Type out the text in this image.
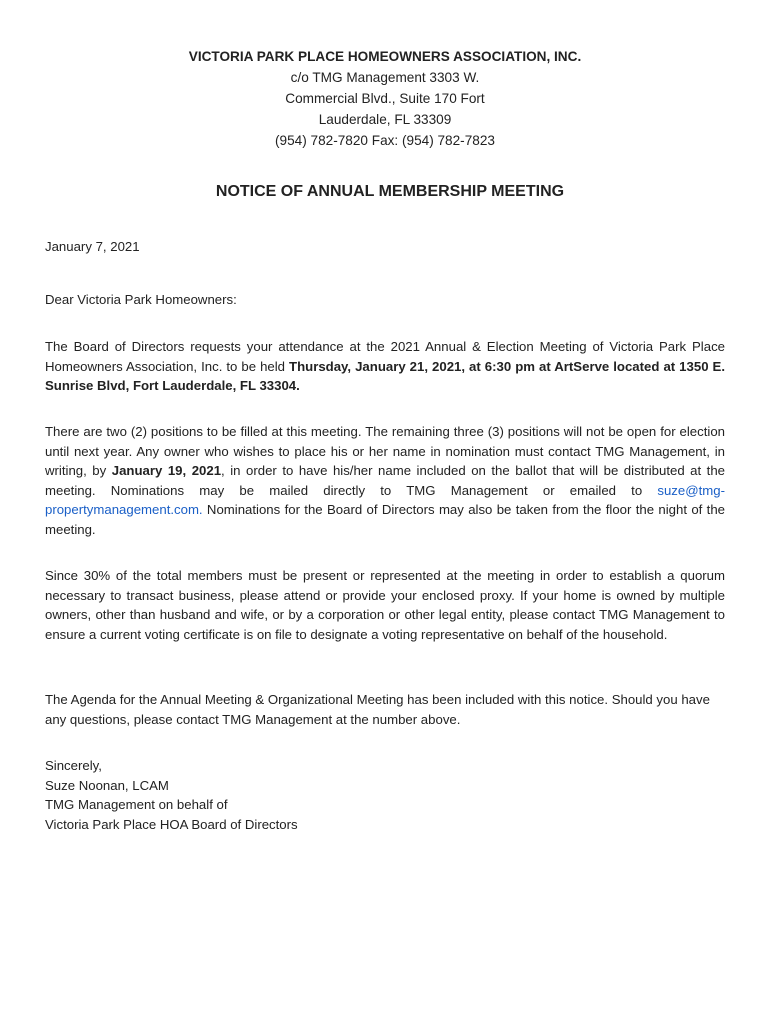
VICTORIA PARK PLACE HOMEOWNERS ASSOCIATION, INC.
c/o TMG Management 3303 W.
Commercial Blvd., Suite 170 Fort
Lauderdale, FL 33309
(954) 782-7820 Fax: (954) 782-7823
NOTICE OF ANNUAL MEMBERSHIP MEETING
January 7, 2021
Dear Victoria Park Homeowners:
The Board of Directors requests your attendance at the 2021 Annual & Election Meeting of Victoria Park Place Homeowners Association, Inc. to be held Thursday, January 21, 2021, at 6:30 pm at ArtServe located at 1350 E. Sunrise Blvd, Fort Lauderdale, FL 33304.
There are two (2) positions to be filled at this meeting. The remaining three (3) positions will not be open for election until next year. Any owner who wishes to place his or her name in nomination must contact TMG Management, in writing, by January 19, 2021, in order to have his/her name included on the ballot that will be distributed at the meeting. Nominations may be mailed directly to TMG Management or emailed to suze@tmg-propertymanagement.com. Nominations for the Board of Directors may also be taken from the floor the night of the meeting.
Since 30% of the total members must be present or represented at the meeting in order to establish a quorum necessary to transact business, please attend or provide your enclosed proxy. If your home is owned by multiple owners, other than husband and wife, or by a corporation or other legal entity, please contact TMG Management to ensure a current voting certificate is on file to designate a voting representative on behalf of the household.
The Agenda for the Annual Meeting & Organizational Meeting has been included with this notice. Should you have any questions, please contact TMG Management at the number above.
Sincerely,
Suze Noonan, LCAM
TMG Management on behalf of
Victoria Park Place HOA Board of Directors
